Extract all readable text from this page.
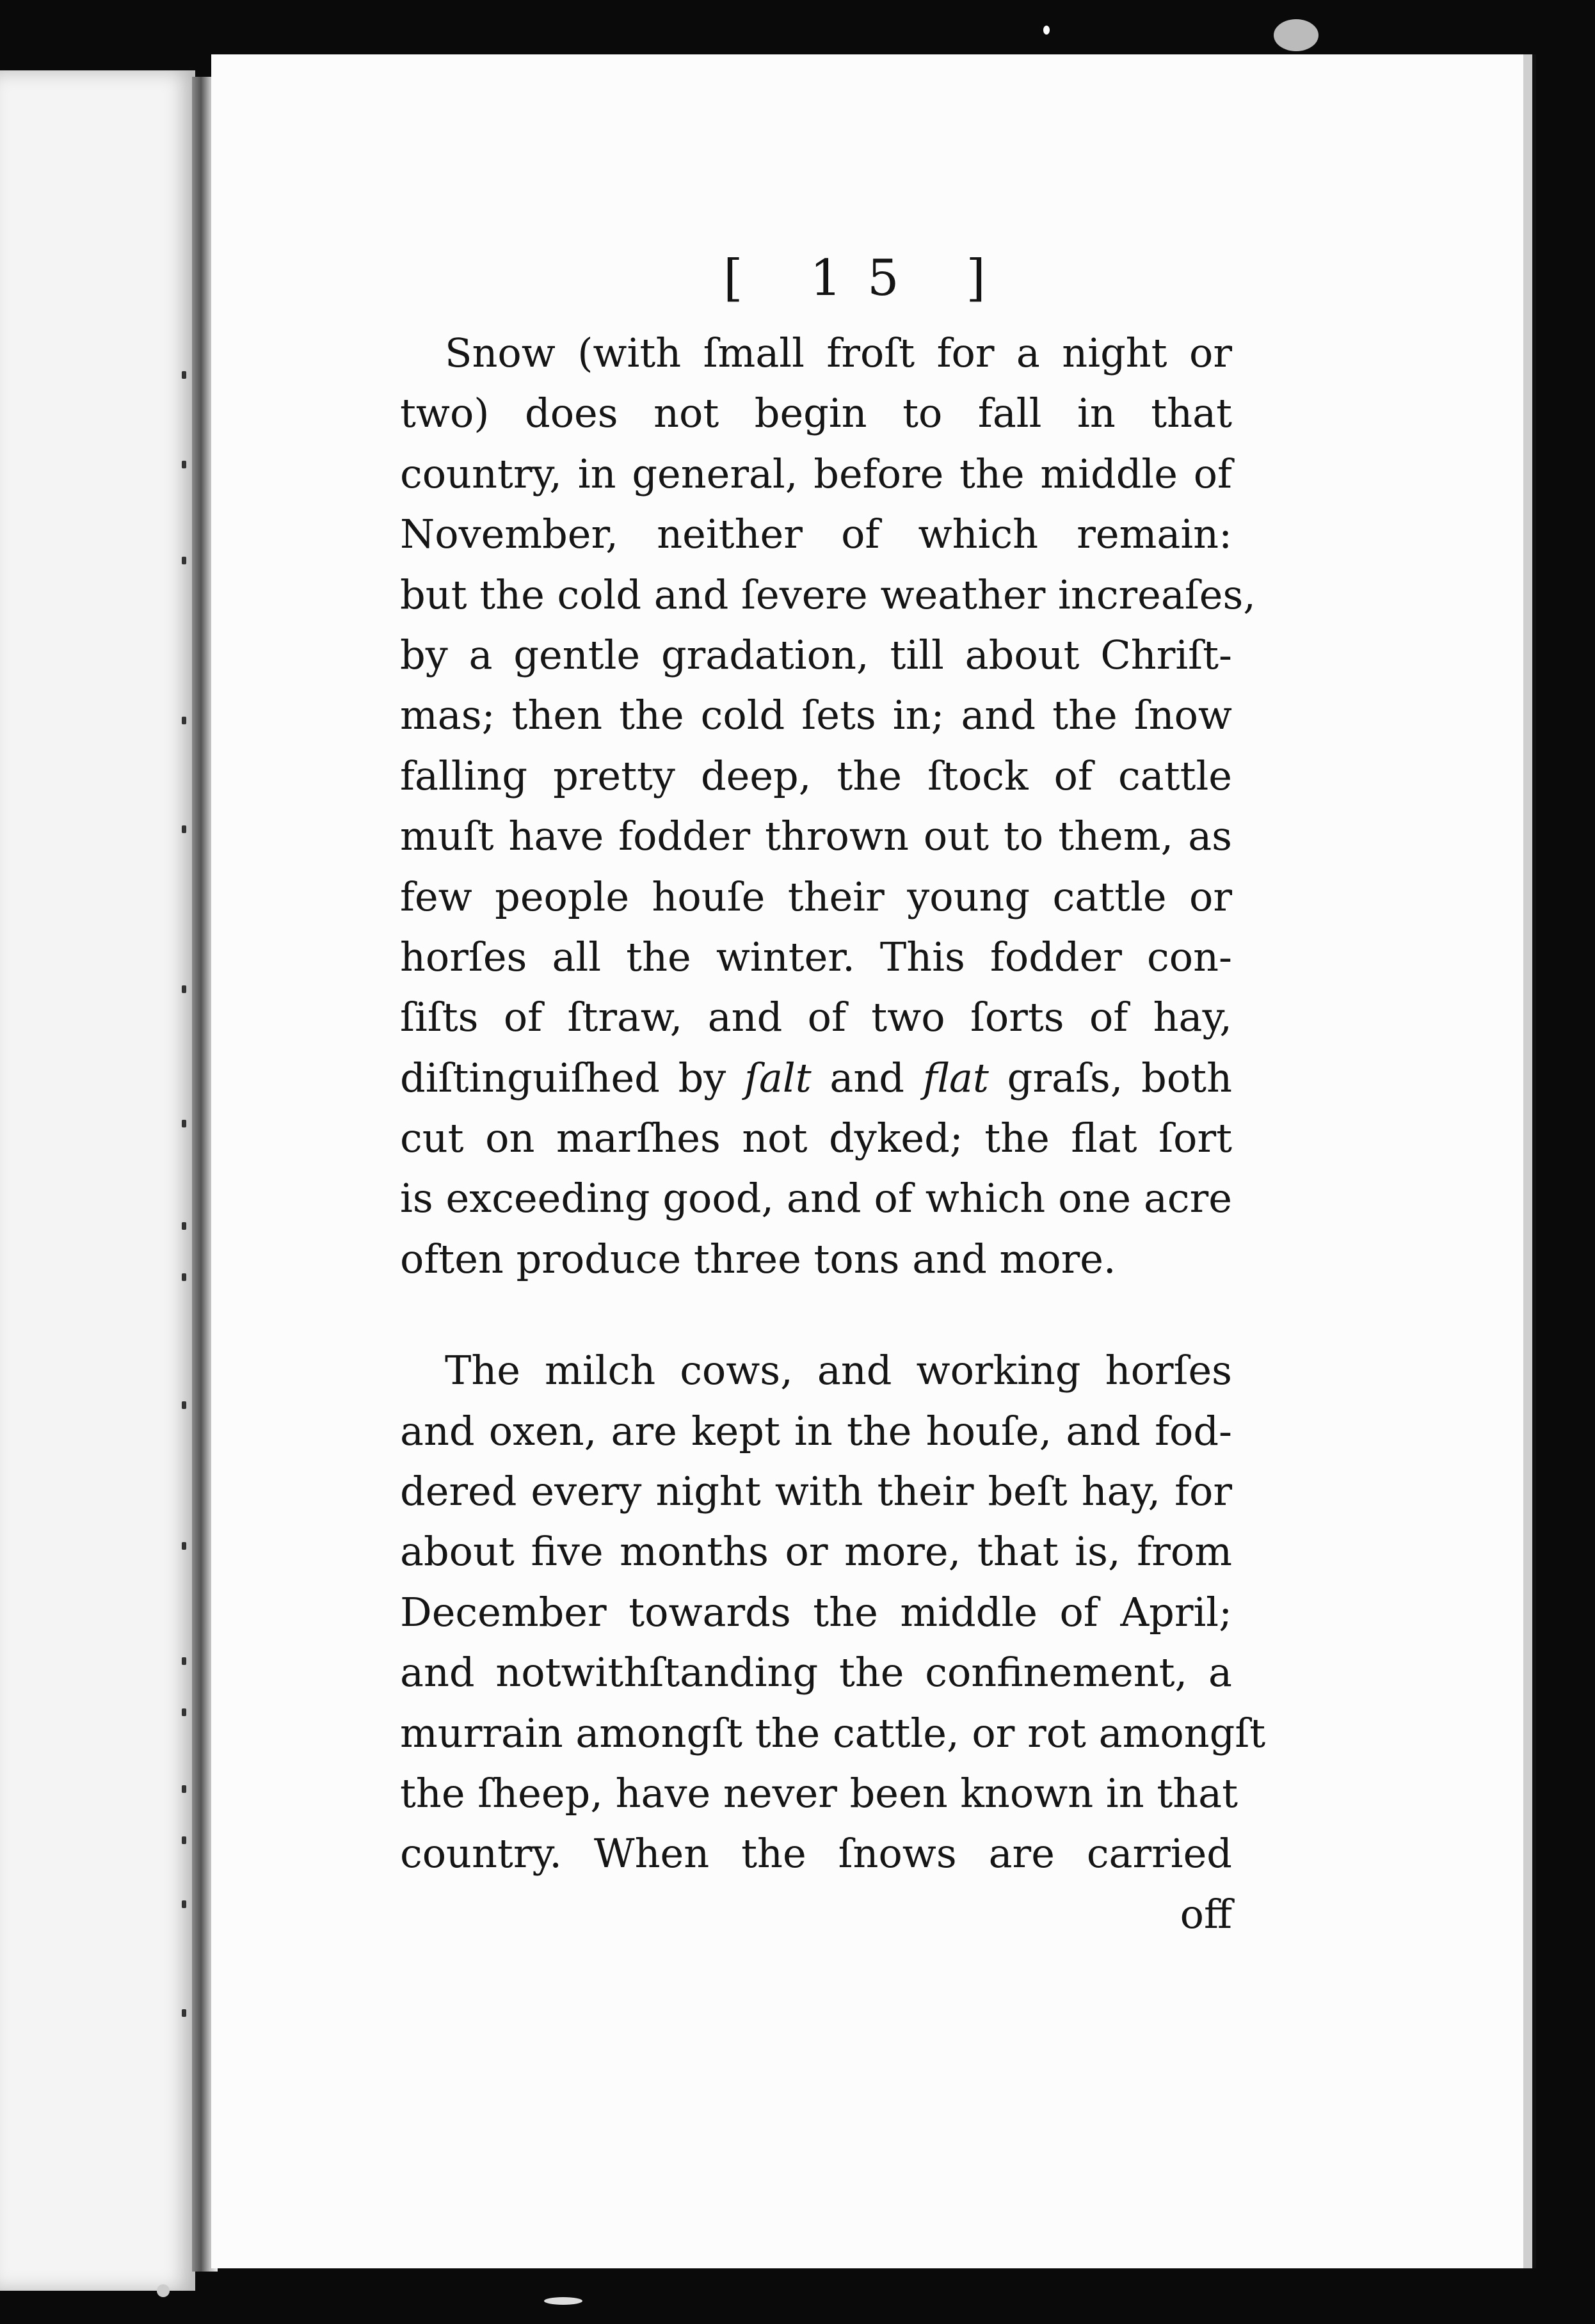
[ 15 ]
Snow (with ſmall froſt for a night or
two) does not begin to fall in that
country, in general, before the middle of
November, neither of which remain:
but the cold and ſevere weather increaſes,
by a gentle gradation, till about Chriſt-
mas; then the cold ſets in; and the ſnow
falling pretty deep, the ſtock of cattle
muſt have fodder thrown out to them, as
few people houſe their young cattle or
horſes all the winter. This fodder con-
ſiſts of ſtraw, and of two ſorts of hay,
diſtinguiſhed by ſalt and flat graſs, both
cut on marſhes not dyked; the flat ſort
is exceeding good, and of which one acre
often produce three tons and more.
The milch cows, and working horſes
and oxen, are kept in the houſe, and fod-
dered every night with their beſt hay, for
about five months or more, that is, from
December towards the middle of April;
and notwithſtanding the confinement, a
murrain amongſt the cattle, or rot amongſt
the ſheep, have never been known in that
country. When the ſnows are carried
off
